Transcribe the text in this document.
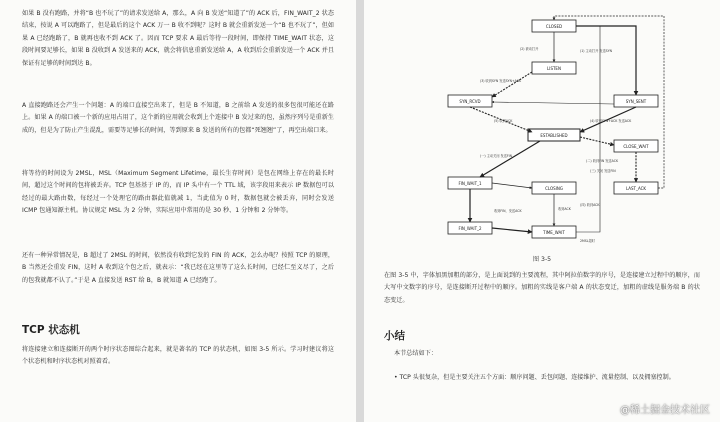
如果 B 没有跑路，并将“B 也不玩了”的请求发送给 A，那么，A 向 B 发送“知道了”的 ACK 后，FIN_WAIT_2 状态结束，按说 A 可以跑路了，但是最后的这个 ACK 万一 B 收不到呢？这时 B 就会重新发送一个“B 也不玩了”，但如果 A 已经跑路了，B 就再也收不到 ACK 了。因而 TCP 要求 A 最后等待一段时间，即保持 TIME_WAIT 状态，这段时间要足够长，如果 B 没收到 A 发送来的 ACK，就会将信息重新发送给 A，A 收到后会重新发送一个 ACK 并且保证有足够的时间到达 B。

A 直接跑路还会产生一个问题：A 的端口直接空出来了，但是 B 不知道，B 之前给 A 发送的很多包很可能还在路上。如果 A 的端口被一个新的应用占用了，这个新的应用就会收到上个连接中 B 发过来的包，虽然序列号是重新生成的，但是为了防止产生混乱，需要等足够长的时间，等到原来 B 发送的所有的包都“死翘翘”了，再空出端口来。

将等待的时间设为 2MSL，MSL（Maximum Segment Lifetime，最长生存时间）是包在网络上存在的最长时间，超过这个时间的包将被丢弃。TCP 包基基于 IP 的，而 IP 头中有一个 TTL 域，该字段用来表示 IP 数据包可以经过的最大路由数，每经过一个处理它的路由器此值就减 1，当此值为 0 时，数据包就会被丢弃，同时会发送 ICMP 包通知源主机。协议规定 MSL 为 2 分钟，实际应用中常用的是 30 秒、1 分钟和 2 分钟等。

还有一种异常情况是，B 超过了 2MSL 的时间，依然没有收到它发的 FIN 的 ACK，怎么办呢？按照 TCP 的原理，B 当然还会重发 FIN，这时 A 收到这个包之后，就表示：“我已经在这里等了这么长时间，已经仁至义尽了，之后的包我就都不认了。”于是 A 直接发送 RST 给 B，B 就知道 A 已经跑了。

TCP 状态机

将连接建立和连接断开的两个时序状态图综合起来，就是著名的 TCP 的状态机，如图 3-5 所示。学习时建议将这个状态机和时序状态机对照着看。

CLOSED
LISTEN
SYN_RCVD	SYN_SENT
ESTABLISHED
CLOSE_WAIT
FIN_WAIT_1
CLOSING	LAST_ACK
FIN_WAIT_2
TIME_WAIT
(1) 主动打开 发送SYN
(2) 被动打开
(3) 收到SYN 发送SYN+ACK
(4) 收到SYN+ACK 发送ACK
(5) 收到ACK
(一) 主动关闭 发送FIN
(二) 收到FIN 发送ACK
(三) 关闭 发送FIN
(四) 收到ACK
收到FIN，发送ACK	收到ACK
2MSL超时
图 3-5

在图 3-5 中，字体加黑加粗的部分，是上面说到的主要流程，其中阿拉伯数字的序号，是连接建立过程中的顺序，而大写中文数字的序号，是连接断开过程中的顺序。加粗的实线是客户端 A 的状态变迁，加粗的虚线是服务端 B 的状态变迁。

小结

本节总结如下：

• TCP 头很复杂，但是主要关注五个方面：顺序问题、丢包问题、连接维护、流量控制、以及拥塞控制。

@稀土掘金技术社区
